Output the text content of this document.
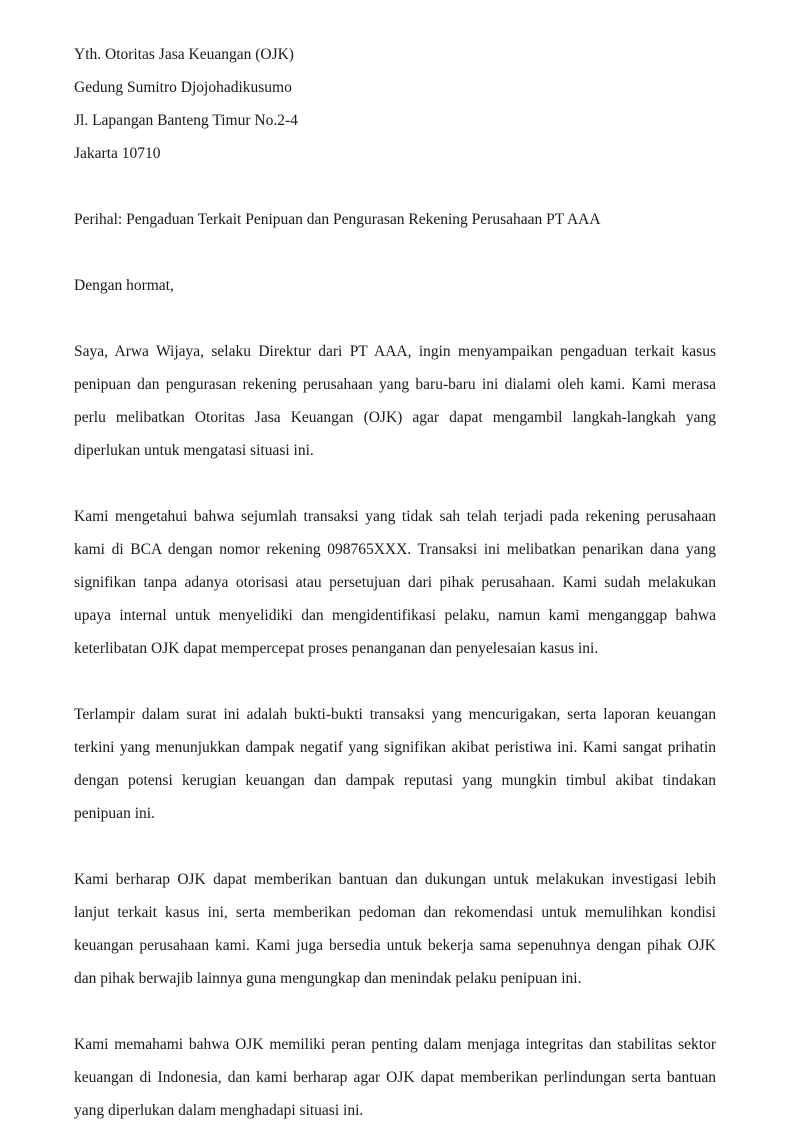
Yth. Otoritas Jasa Keuangan (OJK)
Gedung Sumitro Djojohadikusumo
Jl. Lapangan Banteng Timur No.2-4
Jakarta 10710
Perihal: Pengaduan Terkait Penipuan dan Pengurasan Rekening Perusahaan PT AAA
Dengan hormat,

Saya, Arwa Wijaya, selaku Direktur dari PT AAA, ingin menyampaikan pengaduan terkait kasus penipuan dan pengurasan rekening perusahaan yang baru-baru ini dialami oleh kami. Kami merasa perlu melibatkan Otoritas Jasa Keuangan (OJK) agar dapat mengambil langkah-langkah yang diperlukan untuk mengatasi situasi ini.

Kami mengetahui bahwa sejumlah transaksi yang tidak sah telah terjadi pada rekening perusahaan kami di BCA dengan nomor rekening 098765XXX. Transaksi ini melibatkan penarikan dana yang signifikan tanpa adanya otorisasi atau persetujuan dari pihak perusahaan. Kami sudah melakukan upaya internal untuk menyelidiki dan mengidentifikasi pelaku, namun kami menganggap bahwa keterlibatan OJK dapat mempercepat proses penanganan dan penyelesaian kasus ini.

Terlampir dalam surat ini adalah bukti-bukti transaksi yang mencurigakan, serta laporan keuangan terkini yang menunjukkan dampak negatif yang signifikan akibat peristiwa ini. Kami sangat prihatin dengan potensi kerugian keuangan dan dampak reputasi yang mungkin timbul akibat tindakan penipuan ini.

Kami berharap OJK dapat memberikan bantuan dan dukungan untuk melakukan investigasi lebih lanjut terkait kasus ini, serta memberikan pedoman dan rekomendasi untuk memulihkan kondisi keuangan perusahaan kami. Kami juga bersedia untuk bekerja sama sepenuhnya dengan pihak OJK dan pihak berwajib lainnya guna mengungkap dan menindak pelaku penipuan ini.

Kami memahami bahwa OJK memiliki peran penting dalam menjaga integritas dan stabilitas sektor keuangan di Indonesia, dan kami berharap agar OJK dapat memberikan perlindungan serta bantuan yang diperlukan dalam menghadapi situasi ini.
